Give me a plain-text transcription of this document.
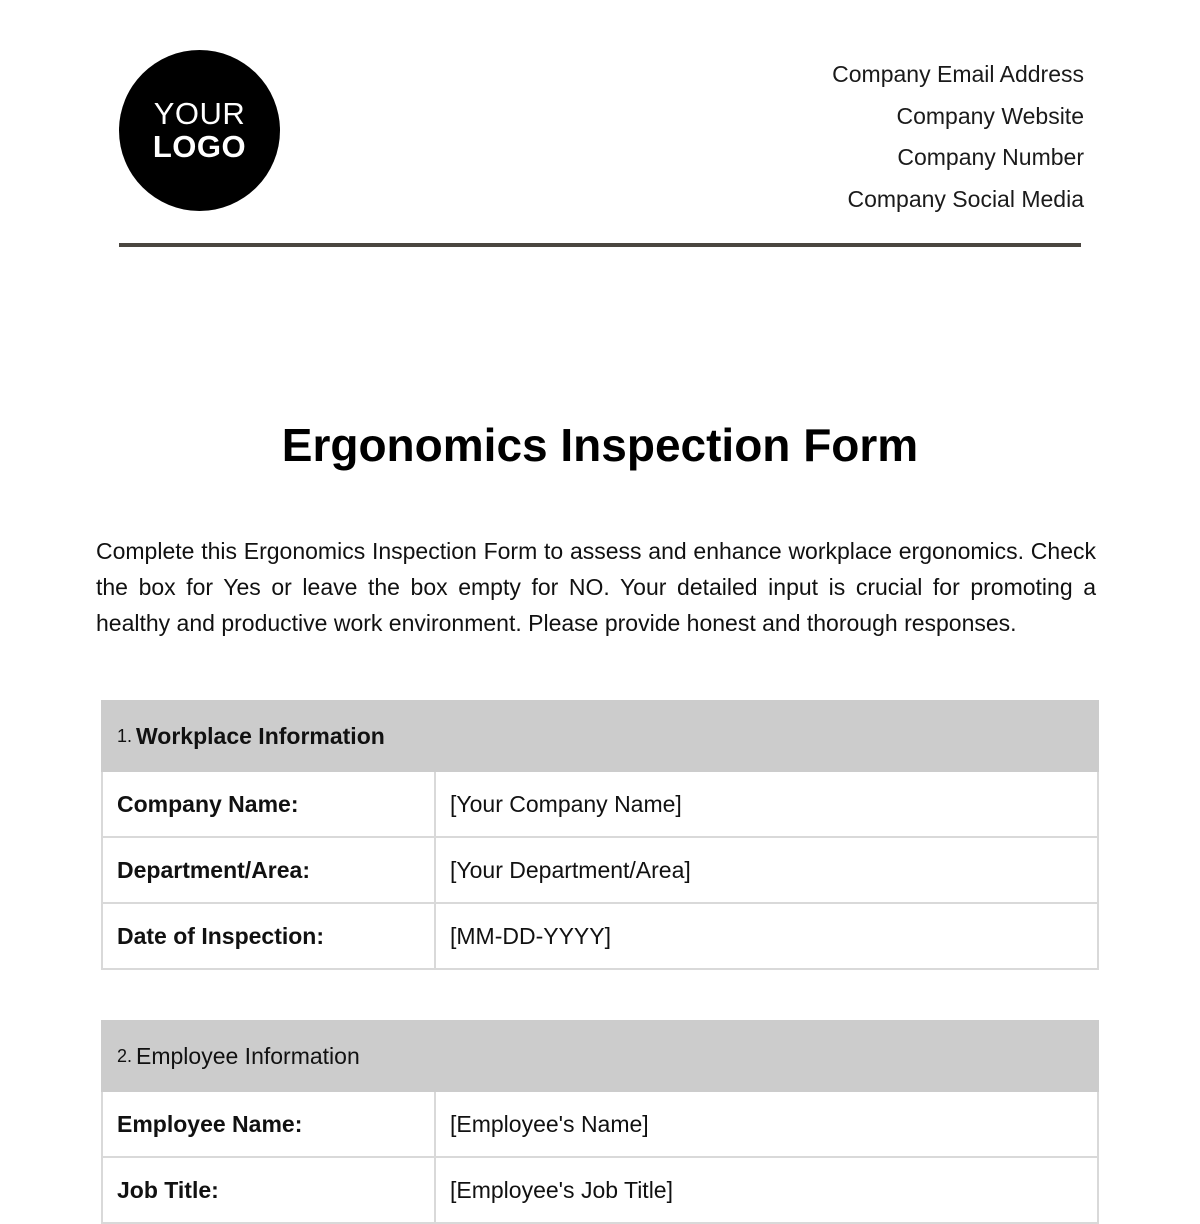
YOUR
LOGO
Company Email Address
Company Website
Company Number
Company Social Media
Ergonomics Inspection Form

Complete this Ergonomics Inspection Form to assess and enhance workplace ergonomics. Check the box for Yes or leave the box empty for NO. Your detailed input is crucial for promoting a healthy and productive work environment. Please provide honest and thorough responses.

1. Workplace Information	
Company Name:	[Your Company Name]
Department/Area:	[Your Department/Area]
Date of Inspection:	[MM-DD-YYYY]
2. Employee Information	
Employee Name:	[Employee's Name]
Job Title:	[Employee's Job Title]
